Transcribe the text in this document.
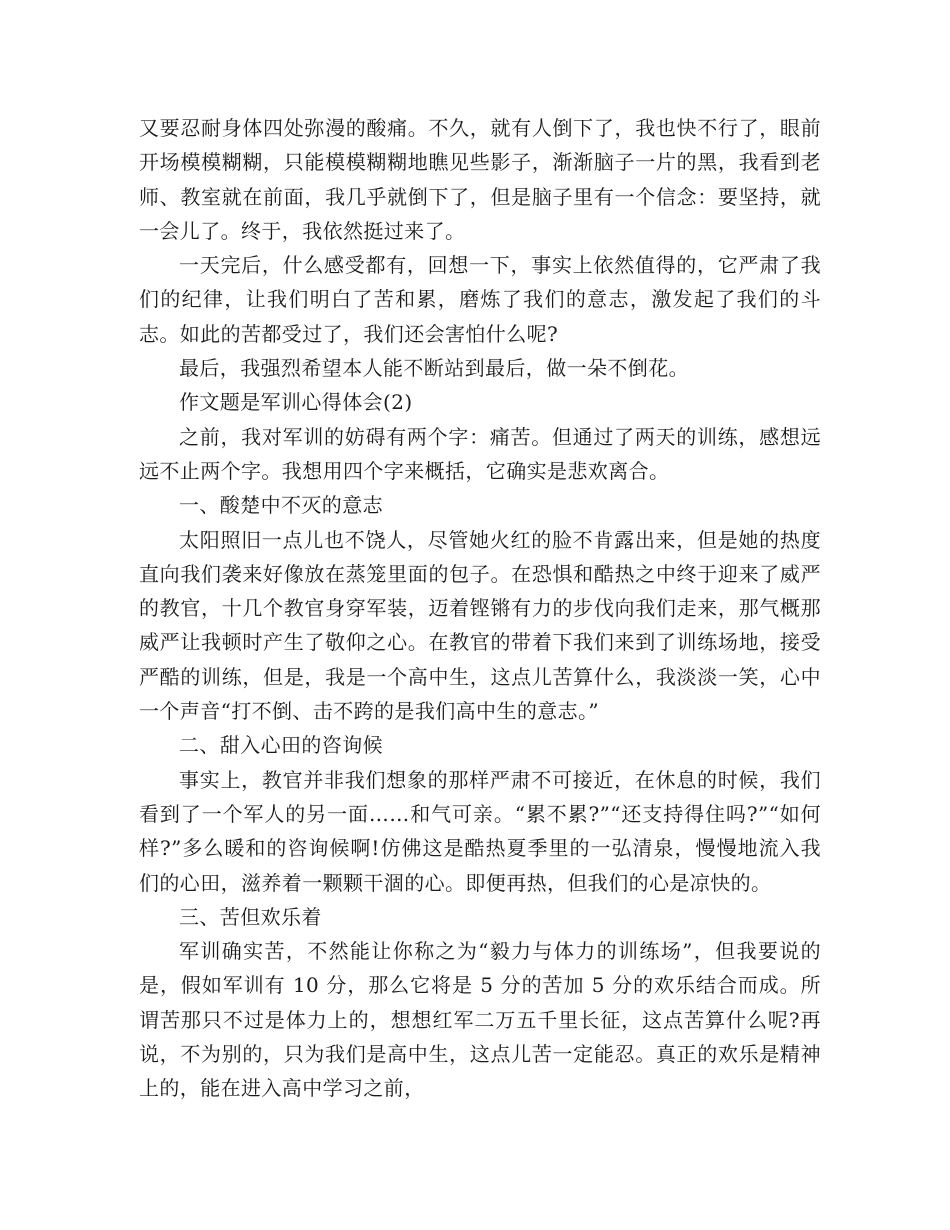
又要忍耐身体四处弥漫的酸痛。不久，就有人倒下了，我也快不行了，眼前开场模模糊糊，只能模模糊糊地瞧见些影子，渐渐脑子一片的黑，我看到老师、教室就在前面，我几乎就倒下了，但是脑子里有一个信念：要坚持，就一会儿了。终于，我依然挺过来了。

一天完后，什么感受都有，回想一下，事实上依然值得的，它严肃了我们的纪律，让我们明白了苦和累，磨炼了我们的意志，激发起了我们的斗志。如此的苦都受过了，我们还会害怕什么呢?

最后，我强烈希望本人能不断站到最后，做一朵不倒花。

作文题是军训心得体会(2)

之前，我对军训的妨碍有两个字：痛苦。但通过了两天的训练，感想远远不止两个字。我想用四个字来概括，它确实是悲欢离合。

一、酸楚中不灭的意志

太阳照旧一点儿也不饶人，尽管她火红的脸不肯露出来，但是她的热度直向我们袭来好像放在蒸笼里面的包子。在恐惧和酷热之中终于迎来了威严的教官，十几个教官身穿军装，迈着铿锵有力的步伐向我们走来，那气概那威严让我顿时产生了敬仰之心。在教官的带着下我们来到了训练场地，接受严酷的训练，但是，我是一个高中生，这点儿苦算什么，我淡淡一笑，心中一个声音“打不倒、击不跨的是我们高中生的意志。”

二、甜入心田的咨询候

事实上，教官并非我们想象的那样严肃不可接近，在休息的时候，我们看到了一个军人的另一面……和气可亲。“累不累?”“还支持得住吗?”“如何样?”多么暖和的咨询候啊!仿佛这是酷热夏季里的一弘清泉，慢慢地流入我们的心田，滋养着一颗颗干涸的心。即便再热，但我们的心是凉快的。

三、苦但欢乐着

军训确实苦，不然能让你称之为“毅力与体力的训练场”，但我要说的是，假如军训有 10 分，那么它将是 5 分的苦加 5 分的欢乐结合而成。所谓苦那只不过是体力上的，想想红军二万五千里长征，这点苦算什么呢?再说，不为别的，只为我们是高中生，这点儿苦一定能忍。真正的欢乐是精神上的，能在进入高中学习之前，
